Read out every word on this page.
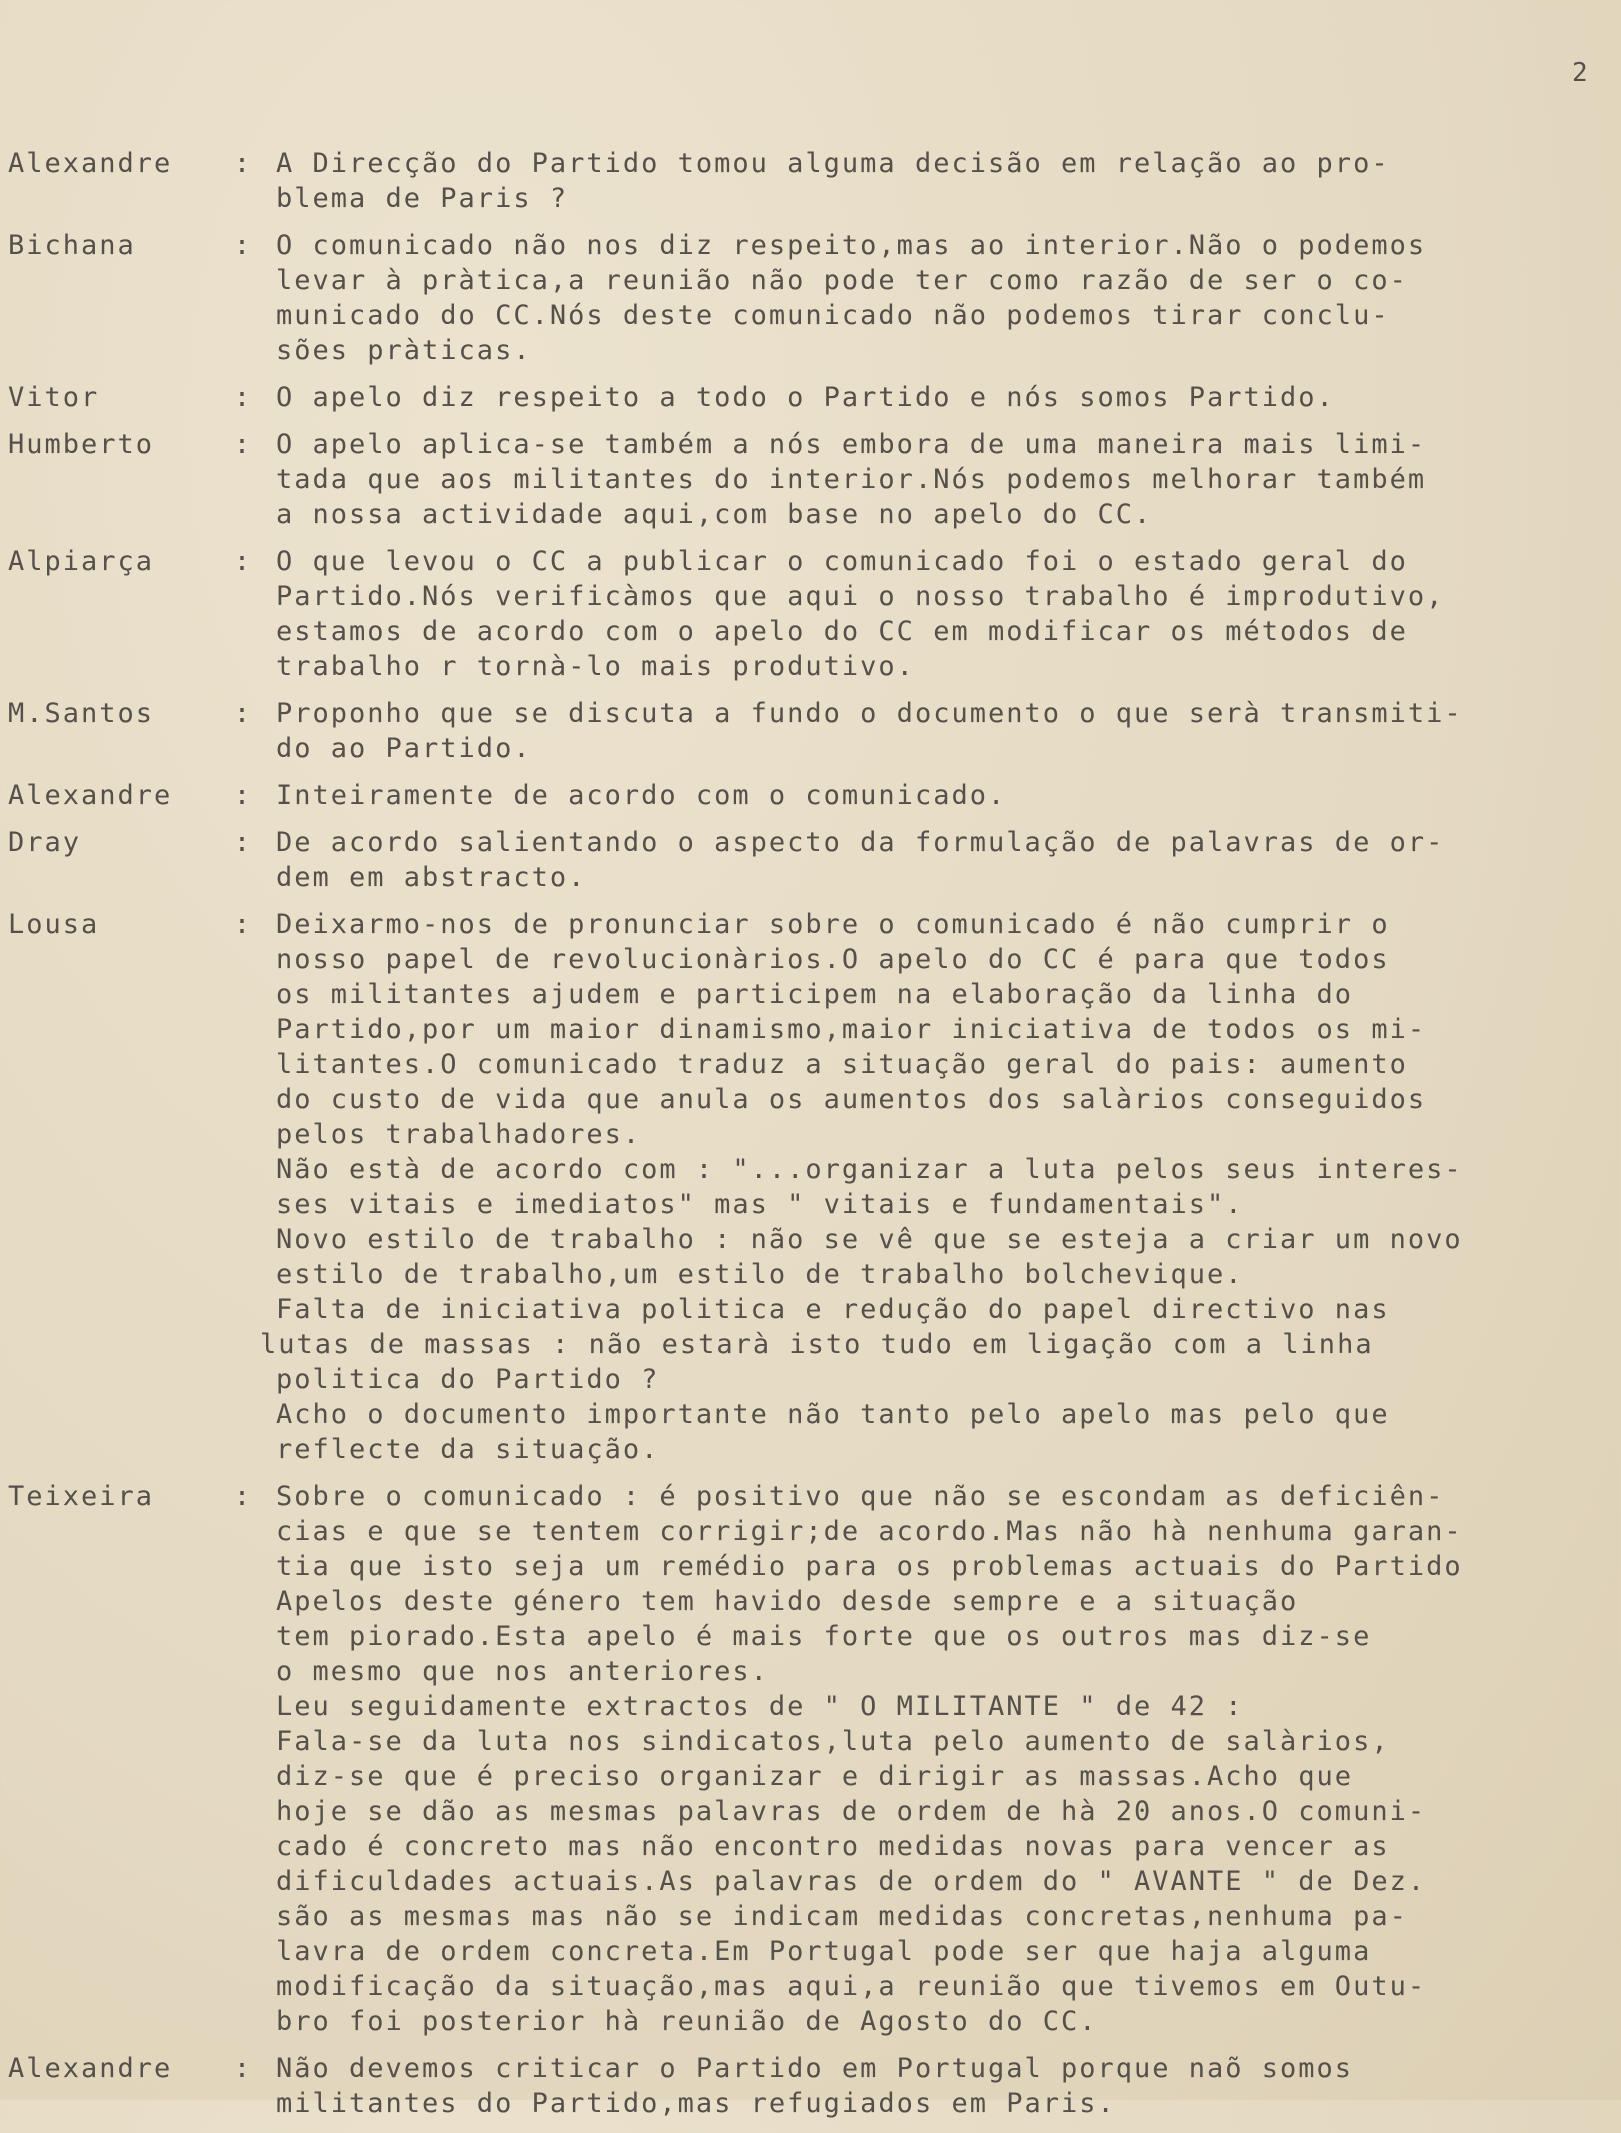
2
Alexandre	: A Direcção do Partido tomou alguma decisão em relação ao pro-
blema de Paris ?
Bichana	: O comunicado não nos diz respeito,mas ao interior.Não o podemos
levar à pràtica,a reunião não pode ter como razão de ser o co-
municado do CC.Nós deste comunicado não podemos tirar conclu-
sões pràticas.
Vitor	: O apelo diz respeito a todo o Partido e nós somos Partido.
Humberto	: O apelo aplica-se também a nós embora de uma maneira mais limi-
tada que aos militantes do interior.Nós podemos melhorar também
a nossa actividade aqui,com base no apelo do CC.
Alpiarça	: O que levou o CC a publicar o comunicado foi o estado geral do
Partido.Nós verificàmos que aqui o nosso trabalho é improdutivo,
estamos de acordo com o apelo do CC em modificar os métodos de
trabalho r tornà-lo mais produtivo.
M.Santos	: Proponho que se discuta a fundo o documento o que serà transmiti-
do ao Partido.
Alexandre	: Inteiramente de acordo com o comunicado.
Dray	: De acordo salientando o aspecto da formulação de palavras de or-
dem em abstracto.
Lousa	: Deixarmo-nos de pronunciar sobre o comunicado é não cumprir o
nosso papel de revolucionàrios.O apelo do CC é para que todos
os militantes ajudem e participem na elaboração da linha do
Partido,por um maior dinamismo,maior iniciativa de todos os mi-
litantes.O comunicado traduz a situação geral do pais: aumento
do custo de vida que anula os aumentos dos salàrios conseguidos
pelos trabalhadores.
Não està de acordo com : "...organizar a luta pelos seus interes-
ses vitais e imediatos" mas " vitais e fundamentais".
Novo estilo de trabalho : não se vê que se esteja a criar um novo
estilo de trabalho,um estilo de trabalho bolchevique.
Falta de iniciativa politica e redução do papel directivo nas
lutas de massas : não estarà isto tudo em ligação com a linha
politica do Partido ?
Acho o documento importante não tanto pelo apelo mas pelo que
reflecte da situação.
Teixeira	: Sobre o comunicado : é positivo que não se escondam as deficiên-
cias e que se tentem corrigir;de acordo.Mas não hà nenhuma garan-
tia que isto seja um remédio para os problemas actuais do Partido
Apelos deste género tem havido desde sempre e a situação
tem piorado.Esta apelo é mais forte que os outros mas diz-se
o mesmo que nos anteriores.
Leu seguidamente extractos de " O MILITANTE " de 42 :
Fala-se da luta nos sindicatos,luta pelo aumento de salàrios,
diz-se que é preciso organizar e dirigir as massas.Acho que
hoje se dão as mesmas palavras de ordem de hà 20 anos.O comuni-
cado é concreto mas não encontro medidas novas para vencer as
dificuldades actuais.As palavras de ordem do " AVANTE " de Dez.
são as mesmas mas não se indicam medidas concretas,nenhuma pa-
lavra de ordem concreta.Em Portugal pode ser que haja alguma
modificação da situação,mas aqui,a reunião que tivemos em Outu-
bro foi posterior hà reunião de Agosto do CC.
Alexandre	: Não devemos criticar o Partido em Portugal porque naõ somos
militantes do Partido,mas refugiados em Paris.
